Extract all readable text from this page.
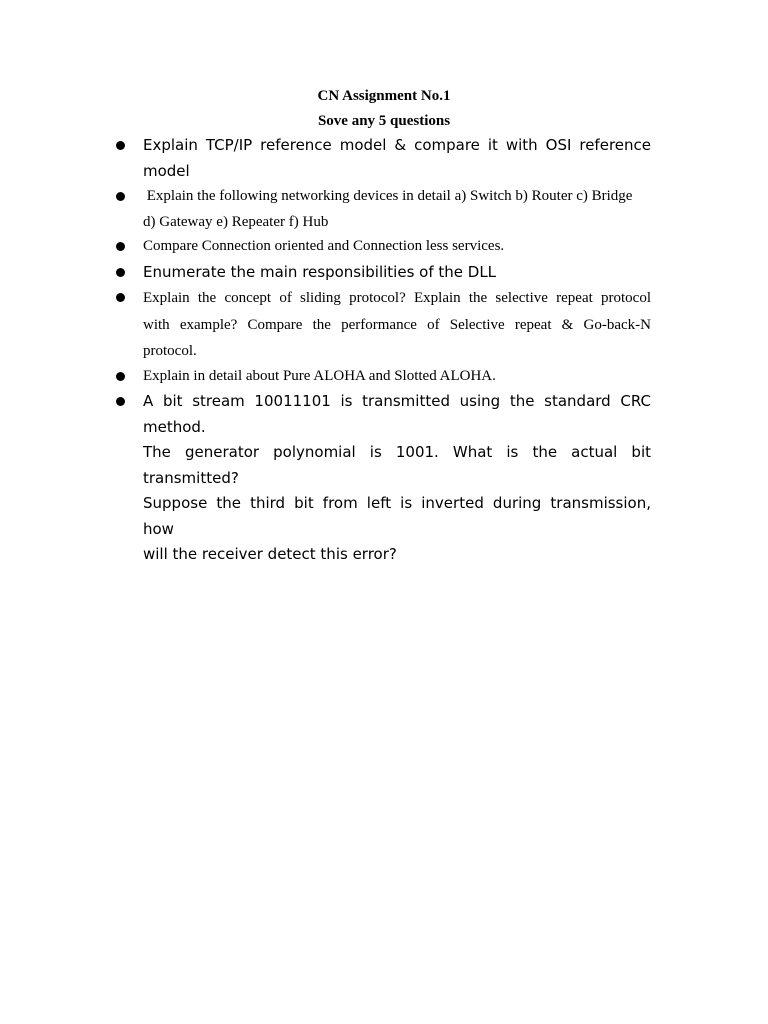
CN Assignment No.1
Sove any 5 questions
Explain TCP/IP reference model & compare it with OSI reference
model
Explain the following networking devices in detail a) Switch b) Router c) Bridge
d) Gateway e) Repeater f) Hub
Compare Connection oriented and Connection less services.
Enumerate the main responsibilities of the DLL
Explain the concept of sliding protocol? Explain the selective repeat protocol
with example? Compare the performance of Selective repeat & Go-back-N
protocol.
Explain in detail about Pure ALOHA and Slotted ALOHA.
A bit stream 10011101 is transmitted using the standard CRC
method.
The generator polynomial is 1001. What is the actual bit
transmitted?
Suppose the third bit from left is inverted during transmission,
how
will the receiver detect this error?
